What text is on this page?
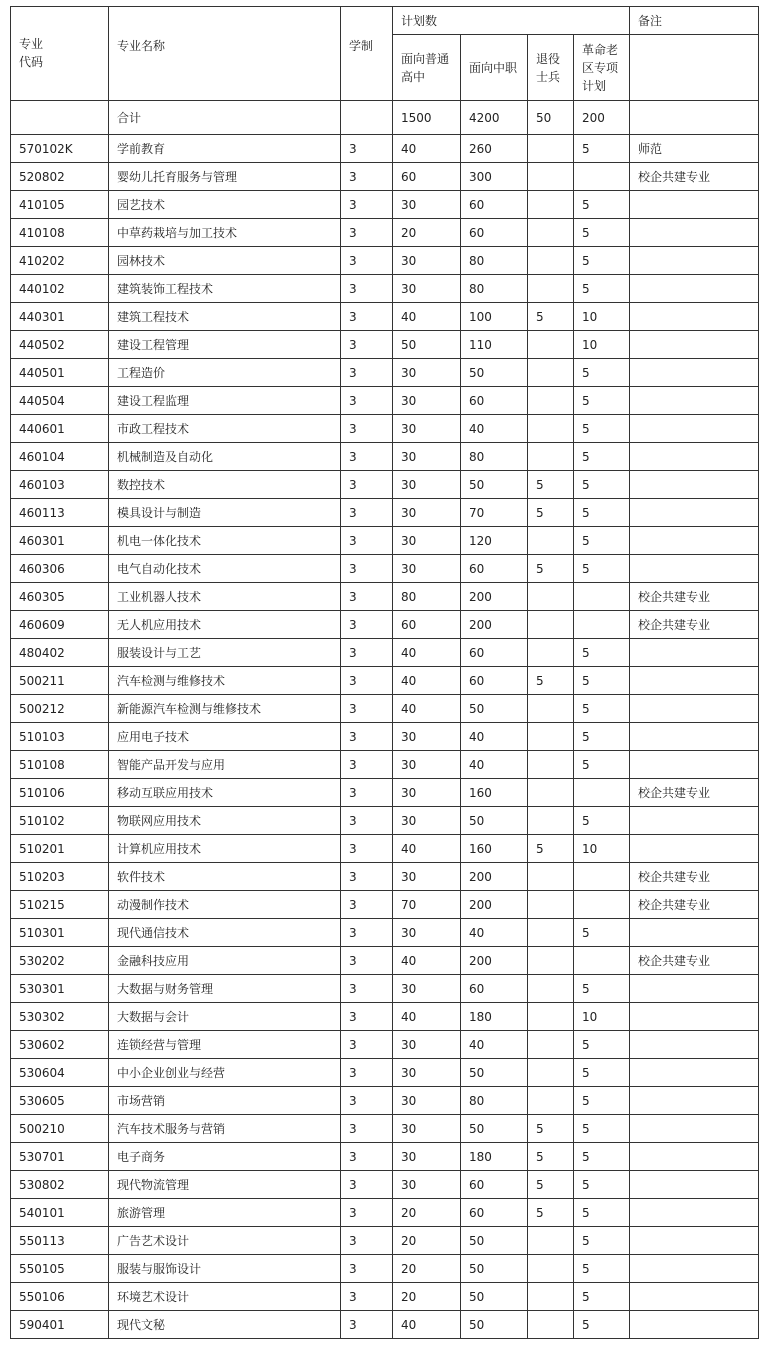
专业
代码	专业名称	学制	计划数				备注
			面向普通高中	面向中职	退役士兵	革命老区专项计划	
	合计		1500	4200	50	200	
570102K	学前教育	3	40	260		5	师范
520802	婴幼儿托育服务与管理	3	60	300			校企共建专业
410105	园艺技术	3	30	60		5	
410108	中草药栽培与加工技术	3	20	60		5	
410202	园林技术	3	30	80		5	
440102	建筑装饰工程技术	3	30	80		5	
440301	建筑工程技术	3	40	100	5	10	
440502	建设工程管理	3	50	110		10	
440501	工程造价	3	30	50		5	
440504	建设工程监理	3	30	60		5	
440601	市政工程技术	3	30	40		5	
460104	机械制造及自动化	3	30	80		5	
460103	数控技术	3	30	50	5	5	
460113	模具设计与制造	3	30	70	5	5	
460301	机电一体化技术	3	30	120		5	
460306	电气自动化技术	3	30	60	5	5	
460305	工业机器人技术	3	80	200			校企共建专业
460609	无人机应用技术	3	60	200			校企共建专业
480402	服装设计与工艺	3	40	60		5	
500211	汽车检测与维修技术	3	40	60	5	5	
500212	新能源汽车检测与维修技术	3	40	50		5	
510103	应用电子技术	3	30	40		5	
510108	智能产品开发与应用	3	30	40		5	
510106	移动互联应用技术	3	30	160			校企共建专业
510102	物联网应用技术	3	30	50		5	
510201	计算机应用技术	3	40	160	5	10	
510203	软件技术	3	30	200			校企共建专业
510215	动漫制作技术	3	70	200			校企共建专业
510301	现代通信技术	3	30	40		5	
530202	金融科技应用	3	40	200			校企共建专业
530301	大数据与财务管理	3	30	60		5	
530302	大数据与会计	3	40	180		10	
530602	连锁经营与管理	3	30	40		5	
530604	中小企业创业与经营	3	30	50		5	
530605	市场营销	3	30	80		5	
500210	汽车技术服务与营销	3	30	50	5	5	
530701	电子商务	3	30	180	5	5	
530802	现代物流管理	3	30	60	5	5	
540101	旅游管理	3	20	60	5	5	
550113	广告艺术设计	3	20	50		5	
550105	服装与服饰设计	3	20	50		5	
550106	环境艺术设计	3	20	50		5	
590401	现代文秘	3	40	50		5	
